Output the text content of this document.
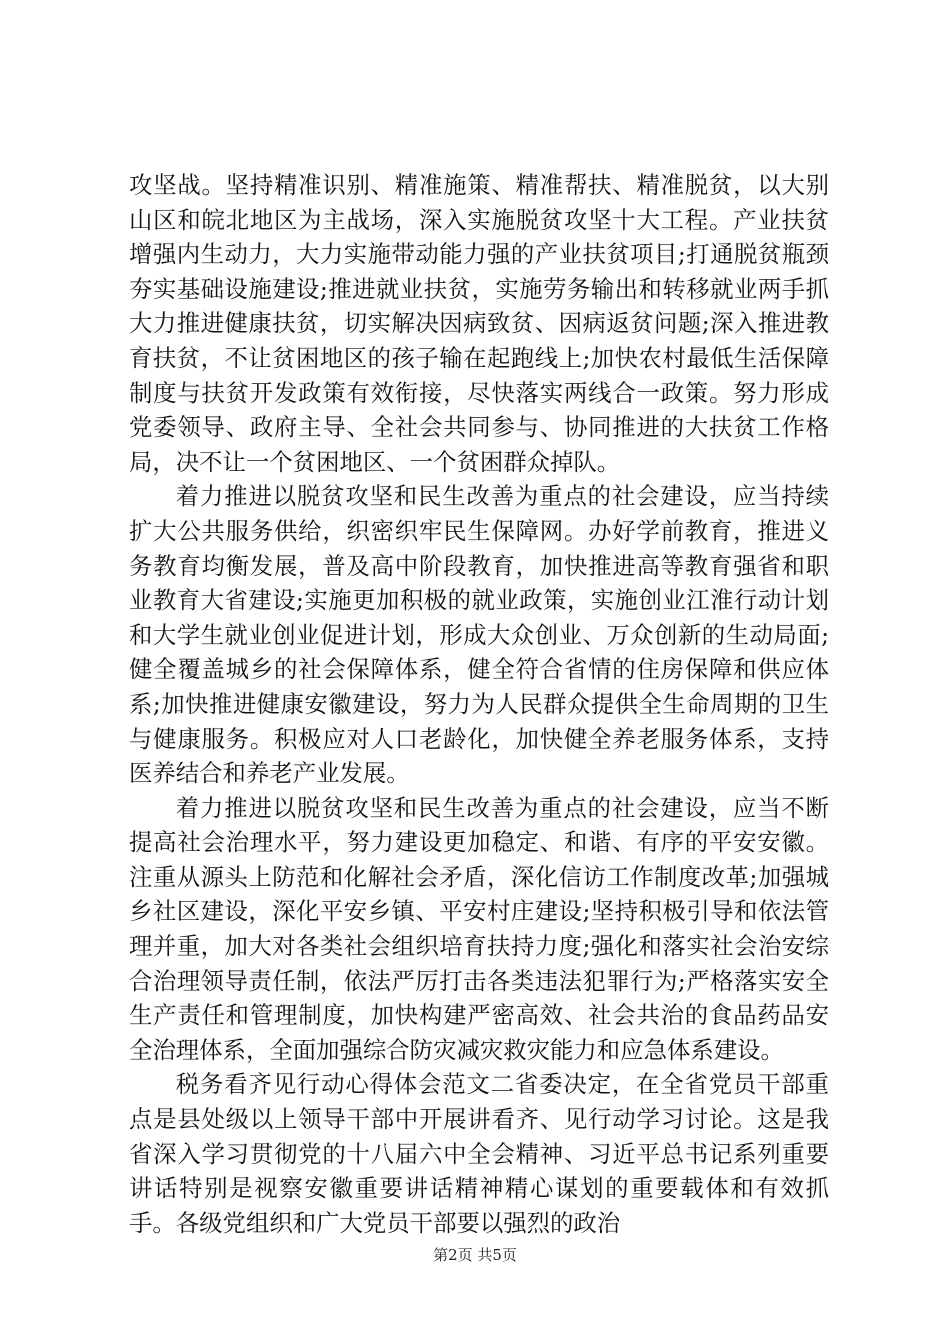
攻坚战。坚持精准识别、精准施策、精准帮扶、精准脱贫，以大别山区和皖北地区为主战场，深入实施脱贫攻坚十大工程。产业扶贫增强内生动力，大力实施带动能力强的产业扶贫项目;打通脱贫瓶颈夯实基础设施建设;推进就业扶贫，实施劳务输出和转移就业两手抓大力推进健康扶贫，切实解决因病致贫、因病返贫问题;深入推进教育扶贫，不让贫困地区的孩子输在起跑线上;加快农村最低生活保障制度与扶贫开发政策有效衔接，尽快落实两线合一政策。努力形成党委领导、政府主导、全社会共同参与、协同推进的大扶贫工作格局，决不让一个贫困地区、一个贫困群众掉队。

着力推进以脱贫攻坚和民生改善为重点的社会建设，应当持续扩大公共服务供给，织密织牢民生保障网。办好学前教育，推进义务教育均衡发展，普及高中阶段教育，加快推进高等教育强省和职业教育大省建设;实施更加积极的就业政策，实施创业江淮行动计划和大学生就业创业促进计划，形成大众创业、万众创新的生动局面;健全覆盖城乡的社会保障体系，健全符合省情的住房保障和供应体系;加快推进健康安徽建设，努力为人民群众提供全生命周期的卫生与健康服务。积极应对人口老龄化，加快健全养老服务体系，支持医养结合和养老产业发展。

着力推进以脱贫攻坚和民生改善为重点的社会建设，应当不断提高社会治理水平，努力建设更加稳定、和谐、有序的平安安徽。注重从源头上防范和化解社会矛盾，深化信访工作制度改革;加强城乡社区建设，深化平安乡镇、平安村庄建设;坚持积极引导和依法管理并重，加大对各类社会组织培育扶持力度;强化和落实社会治安综合治理领导责任制，依法严厉打击各类违法犯罪行为;严格落实安全生产责任和管理制度，加快构建严密高效、社会共治的食品药品安全治理体系，全面加强综合防灾减灾救灾能力和应急体系建设。

税务看齐见行动心得体会范文二省委决定，在全省党员干部重点是县处级以上领导干部中开展讲看齐、见行动学习讨论。这是我省深入学习贯彻党的十八届六中全会精神、习近平总书记系列重要讲话特别是视察安徽重要讲话精神精心谋划的重要载体和有效抓手。各级党组织和广大党员干部要以强烈的政治

第2页 共5页
